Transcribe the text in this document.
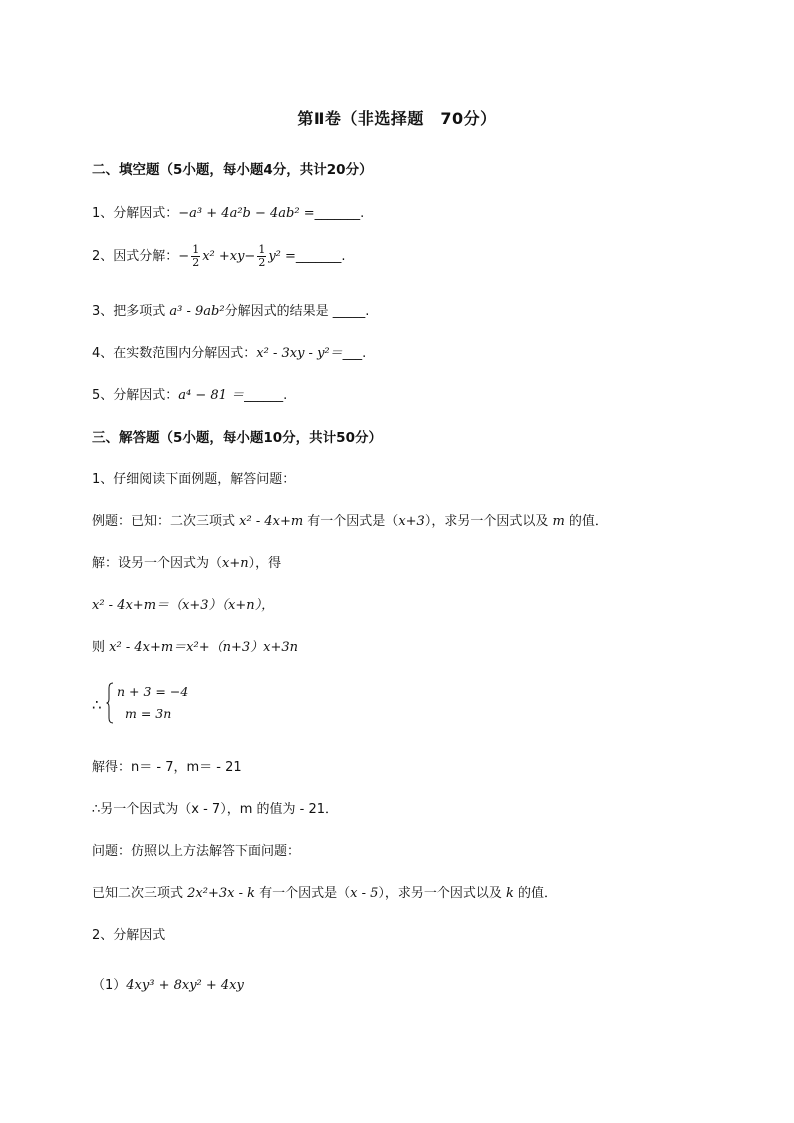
第Ⅱ卷（非选择题　70分）
二、填空题（5小题，每小题4分，共计20分）
1、分解因式：−a³ + 4a²b − 4ab² =_______.
2、因式分解：− $\frac{1}{2} x^2 +xy- \frac{1}{2} y^2$ =_______.
3、把多项式 a³ - 9ab²分解因式的结果是 _____.
4、在实数范围内分解因式：x² - 3xy - y²＝___.
5、分解因式：a⁴ − 81 ＝______.
三、解答题（5小题，每小题10分，共计50分）
1、仔细阅读下面例题，解答问题：
例题：已知：二次三项式 x² - 4x+m 有一个因式是（x+3），求另一个因式以及 m 的值．
解：设另一个因式为（x+n），得
x² - 4x+m＝（x+3）（x+n），
则 x² - 4x+m＝x²+（n+3）x+3n
∴
n + 3 = −4
m = 3n
解得：n＝ - 7，m＝ - 21
∴另一个因式为（x - 7），m 的值为 - 21．
问题：仿照以上方法解答下面问题：
已知二次三项式 2x²+3x - k 有一个因式是（x - 5），求另一个因式以及 k 的值．
2、分解因式
（1）4xy³ + 8xy² + 4xy
